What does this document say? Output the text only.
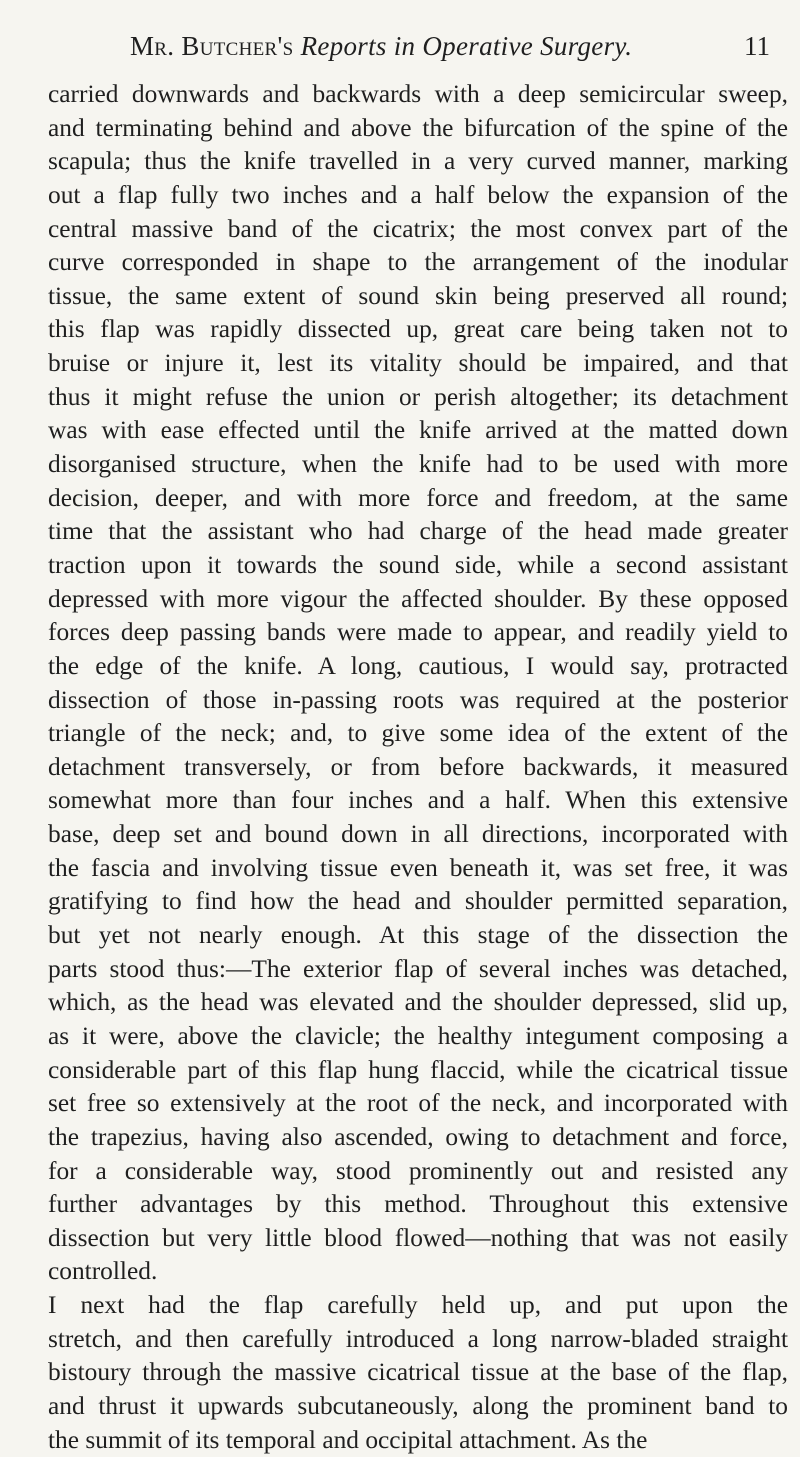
Mr. Butcher's Reports in Operative Surgery.	11
carried downwards and backwards with a deep semicircular sweep,
and terminating behind and above the bifurcation of the spine of the
scapula; thus the knife travelled in a very curved manner, marking
out a flap fully two inches and a half below the expansion of the
central massive band of the cicatrix; the most convex part of the
curve corresponded in shape to the arrangement of the inodular
tissue, the same extent of sound skin being preserved all round;
this flap was rapidly dissected up, great care being taken not to
bruise or injure it, lest its vitality should be impaired, and that
thus it might refuse the union or perish altogether; its detachment
was with ease effected until the knife arrived at the matted down
disorganised structure, when the knife had to be used with more
decision, deeper, and with more force and freedom, at the same
time that the assistant who had charge of the head made greater
traction upon it towards the sound side, while a second assistant
depressed with more vigour the affected shoulder. By these opposed
forces deep passing bands were made to appear, and readily yield to
the edge of the knife. A long, cautious, I would say, protracted
dissection of those in-passing roots was required at the posterior
triangle of the neck; and, to give some idea of the extent of the
detachment transversely, or from before backwards, it measured
somewhat more than four inches and a half. When this extensive
base, deep set and bound down in all directions, incorporated with
the fascia and involving tissue even beneath it, was set free, it was
gratifying to find how the head and shoulder permitted separation,
but yet not nearly enough. At this stage of the dissection the
parts stood thus:—The exterior flap of several inches was detached,
which, as the head was elevated and the shoulder depressed, slid up,
as it were, above the clavicle; the healthy integument composing a
considerable part of this flap hung flaccid, while the cicatrical tissue
set free so extensively at the root of the neck, and incorporated with
the trapezius, having also ascended, owing to detachment and force,
for a considerable way, stood prominently out and resisted any
further advantages by this method. Throughout this extensive
dissection but very little blood flowed—nothing that was not easily
controlled.
I next had the flap carefully held up, and put upon the
stretch, and then carefully introduced a long narrow-bladed straight
bistoury through the massive cicatrical tissue at the base of the flap,
and thrust it upwards subcutaneously, along the prominent band to
the summit of its temporal and occipital attachment. As the
